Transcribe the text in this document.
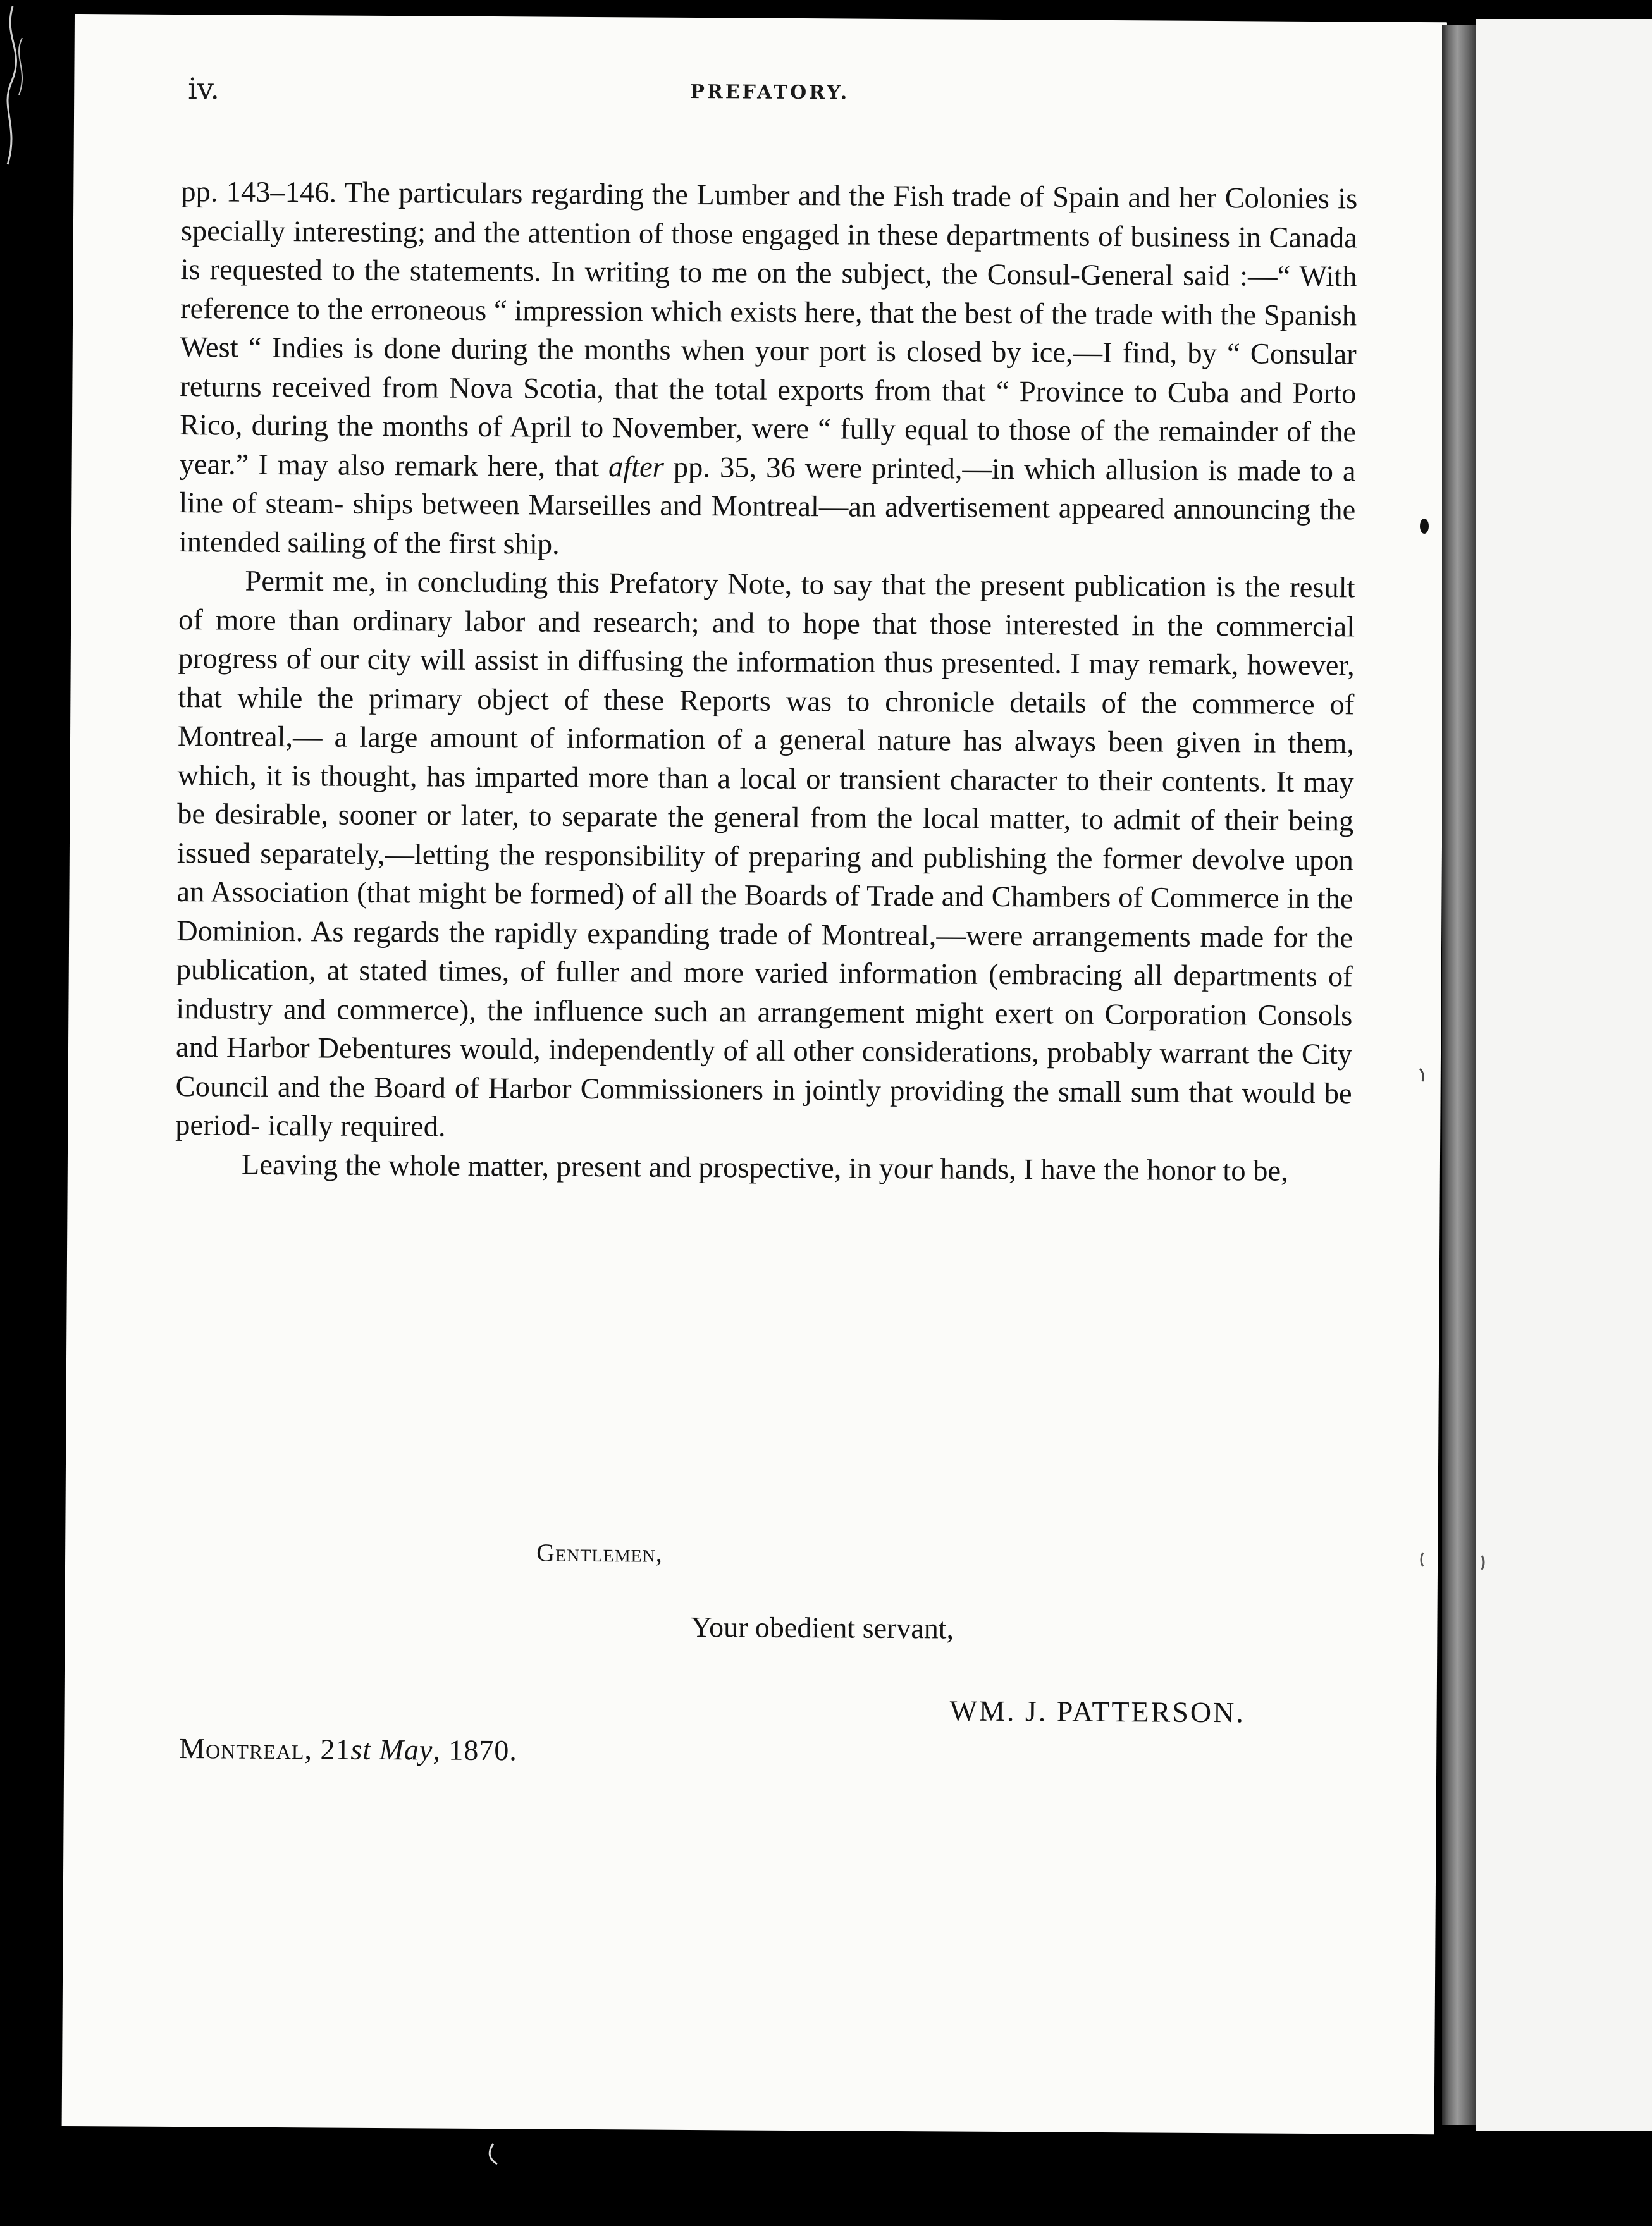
iv.	PREFATORY.

pp. 143–146. The particulars regarding the Lumber and the Fish trade of Spain and her Colonies is specially interesting; and the attention of those engaged in these departments of business in Canada is requested to the statements. In writing to me on the subject, the Consul-General said :—“ With reference to the erroneous “ impression which exists here, that the best of the trade with the Spanish West “ Indies is done during the months when your port is closed by ice,—I find, by “ Consular returns received from Nova Scotia, that the total exports from that “ Province to Cuba and Porto Rico, during the months of April to November, were “ fully equal to those of the remainder of the year.” I may also remark here, that after pp. 35, 36 were printed,—in which allusion is made to a line of steam- ships between Marseilles and Montreal—an advertisement appeared announcing the intended sailing of the first ship.

Permit me, in concluding this Prefatory Note, to say that the present publication is the result of more than ordinary labor and research; and to hope that those interested in the commercial progress of our city will assist in diffusing the information thus presented. I may remark, however, that while the primary object of these Reports was to chronicle details of the commerce of Montreal,— a large amount of information of a general nature has always been given in them, which, it is thought, has imparted more than a local or transient character to their contents. It may be desirable, sooner or later, to separate the general from the local matter, to admit of their being issued separately,—letting the responsibility of preparing and publishing the former devolve upon an Association (that might be formed) of all the Boards of Trade and Chambers of Commerce in the Dominion. As regards the rapidly expanding trade of Montreal,—were arrangements made for the publication, at stated times, of fuller and more varied information (embracing all departments of industry and commerce), the influence such an arrangement might exert on Corporation Consols and Harbor Debentures would, independently of all other considerations, probably warrant the City Council and the Board of Harbor Commissioners in jointly providing the small sum that would be period- ically required.

Leaving the whole matter, present and prospective, in your hands, I have the honor to be,

Gentlemen,
Your obedient servant,
WM. J. PATTERSON.
Montreal, 21st May, 1870.
